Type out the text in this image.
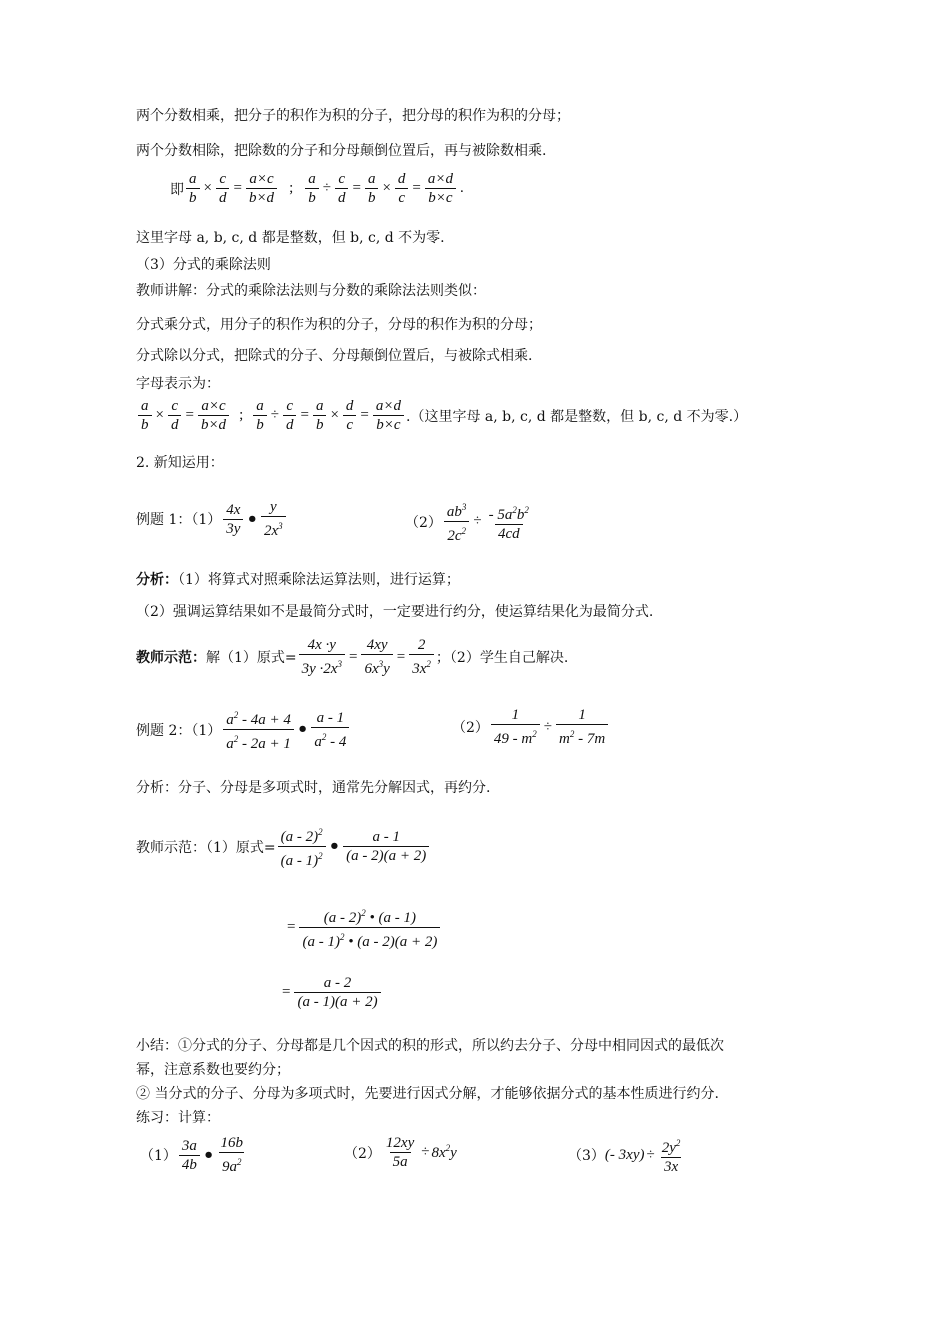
两个分数相乘，把分子的积作为积的分子，把分母的积作为积的分母；
两个分数相除，把除数的分子和分母颠倒位置后，再与被除数相乘.
即 $\frac{a}{b} \times \frac{c}{d} = \frac{a\times c}{b\times d}$ ; $\frac{a}{b} \div \frac{c}{d} = \frac{a}{b} \times \frac{d}{c} = \frac{a\times d}{b\times c}$ .
这里字母 a, b, c, d 都是整数，但 b, c, d 不为零.
（3）分式的乘除法则
教师讲解：分式的乘除法法则与分数的乘除法法则类似：
分式乘分式，用分子的积作为积的分子，分母的积作为积的分母；
分式除以分式，把除式的分子、分母颠倒位置后，与被除式相乘.
字母表示为：
$\frac{a}{b} \times \frac{c}{d} = \frac{a\times c}{b\times d}$ ; $\frac{a}{b} \div \frac{c}{d} = \frac{a}{b} \times \frac{d}{c} = \frac{a\times d}{b\times c}$ .（这里字母 a, b, c, d 都是整数，但 b, c, d 不为零.）
2. 新知运用：
例题 1：$(1) \frac{4x}{3y}$ • $\frac{y}{2x^3}$	$(2) \frac{ab^3}{2c^2} \div \frac{- 5a^2b^2}{4cd}$
分析：（1）将算式对照乘除法运算法则，进行运算；
（2）强调运算结果如不是最简分式时，一定要进行约分，使运算结果化为最简分式.
教师示范： 解（1）原式= $\frac{4x \cdot y}{3y \cdot 2x^3} = \frac{4xy}{6x^3y} = \frac{2}{3x^2}$ ；（2）学生自己解决.
例题 2：$(1) \frac{a^2 - 4a + 4}{a^2 - 2a + 1}$ • $\frac{a - 1}{a^2 - 4}$	$(2) \frac{1}{49 - m^2} \div \frac{1}{m^2 - 7m}$
分析：分子、分母是多项式时，通常先分解因式，再约分.
教师示范：（1）原式= $\frac{(a - 2)^2}{(a - 1)^2}$ • $\frac{a - 1}{(a - 2)(a + 2)}$
= $\frac{(a - 2)^2 • (a - 1)}{(a - 1)^2 • (a - 2)(a + 2)}$
= $\frac{a - 2}{(a - 1)(a + 2)}$
小结：①分式的分子、分母都是几个因式的积的形式，所以约去分子、分母中相同因式的最低次
幂，注意系数也要约分；
② 当分式的分子、分母为多项式时，先要进行因式分解，才能够依据分式的基本性质进行约分.
练习：计算：
$(1) \frac{3a}{4b}$ • $\frac{16b}{9a^2}$	$(2) \frac{12xy}{5a} \div 8x^2y$	（3） (- $3xy) \div \frac{2y^2}{3x}$
